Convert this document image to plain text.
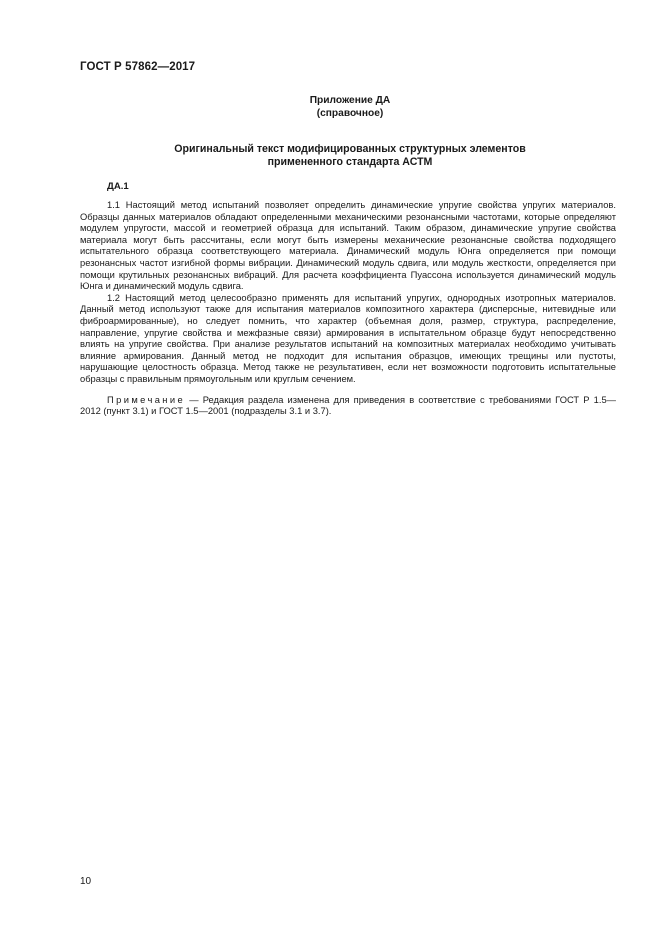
ГОСТ Р 57862—2017
Приложение ДА
(справочное)
Оригинальный текст модифицированных структурных элементов
примененного стандарта АСТМ
ДА.1

1.1 Настоящий метод испытаний позволяет определить динамические упругие свойства упругих материалов. Образцы данных материалов обладают определенными механическими резонансными частотами, которые определяют модулем упругости, массой и геометрией образца для испытаний. Таким образом, динамические упругие свойства материала могут быть рассчитаны, если могут быть измерены механические резонансные свойства подходящего испытательного образца соответствующего материала. Динамический модуль Юнга определяется при помощи резонансных частот изгибной формы вибрации. Динамический модуль сдвига, или модуль жесткости, определяется при помощи крутильных резонансных вибраций. Для расчета коэффициента Пуассона используется динамический модуль Юнга и динамический модуль сдвига.

1.2 Настоящий метод целесообразно применять для испытаний упругих, однородных изотропных материалов. Данный метод используют также для испытания материалов композитного характера (дисперсные, нитевидные или фиброармированные), но следует помнить, что характер (объемная доля, размер, структура, распределение, направление, упругие свойства и межфазные связи) армирования в испытательном образце будут непосредственно влиять на упругие свойства. При анализе результатов испытаний на композитных материалах необходимо учитывать влияние армирования. Данный метод не подходит для испытания образцов, имеющих трещины или пустоты, нарушающие целостность образца. Метод также не результативен, если нет возможности подготовить испытательные образцы с правильным прямоугольным или круглым сечением.

Примечание — Редакция раздела изменена для приведения в соответствие с требованиями ГОСТ Р 1.5—2012 (пункт 3.1) и ГОСТ 1.5—2001 (подразделы 3.1 и 3.7).

10
